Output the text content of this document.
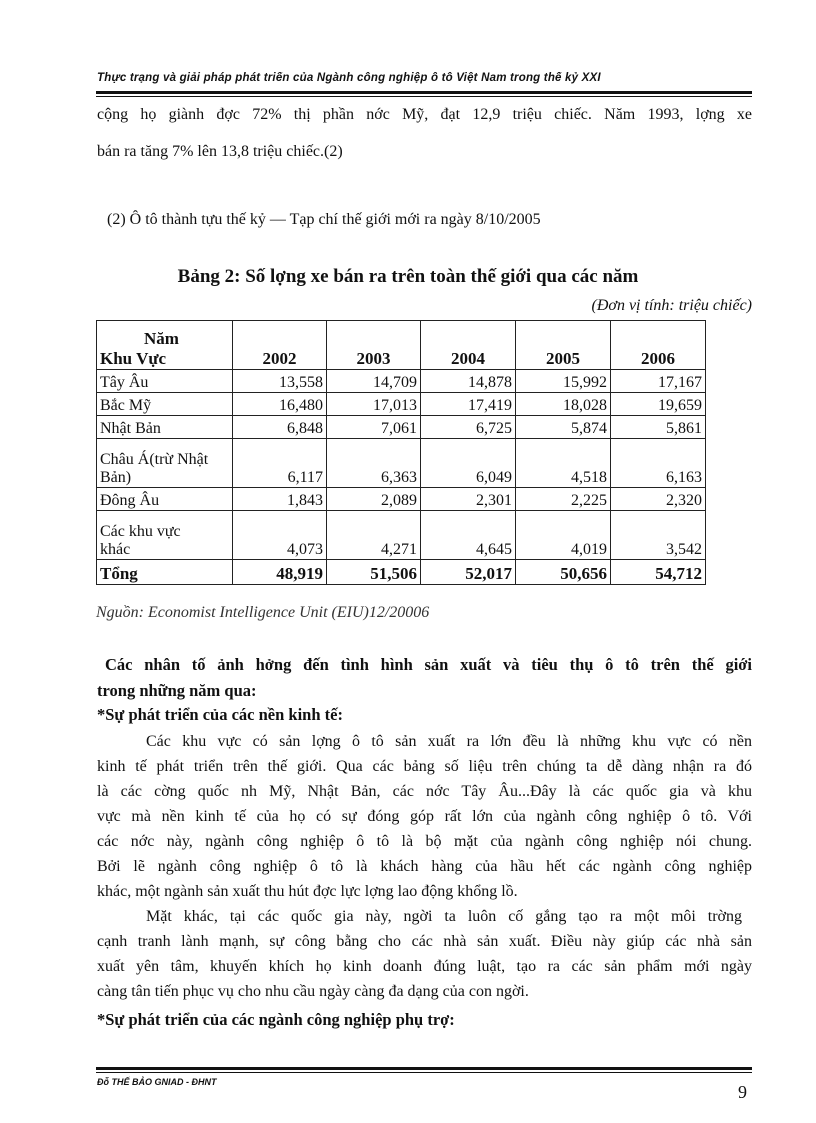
Thực trạng và giải pháp phát triển của Ngành công nghiệp ô tô Việt Nam trong thế kỷ XXI
cộng họ giành đợc 72% thị phần nớc Mỹ, đạt 12,9 triệu chiếc. Năm 1993, lợng xe
bán ra tăng 7% lên 13,8 triệu chiếc.(2)
(2) Ô tô thành tựu thế kỷ — Tạp chí thế giới mới ra ngày 8/10/2005
Bảng 2: Số lợng xe bán ra trên toàn thế giới qua các năm
(Đơn vị tính: triệu chiếc)
Năm
Khu Vực	2002	2003	2004	2005	2006
Tây Âu	13,558	14,709	14,878	15,992	17,167
Bắc Mỹ	16,480	17,013	17,419	18,028	19,659
Nhật Bản	6,848	7,061	6,725	5,874	5,861

Châu Á(trừ Nhật
Bản)	6,117	6,363	6,049	4,518	6,163
Đông Âu	1,843	2,089	2,301	2,225	2,320

Các khu vực
khác	4,073	4,271	4,645	4,019	3,542
Tổng	48,919	51,506	52,017	50,656	54,712
Nguồn: Economist Intelligence Unit (EIU)12/20006
Các nhân tố ảnh hởng đến tình hình sản xuất và tiêu thụ ô tô trên thế giới
trong những năm qua:
*Sự phát triển của các nền kinh tế:
Các khu vực có sản lợng ô tô sản xuất ra lớn đều là những khu vực có nền
kinh tế phát triển trên thế giới. Qua các bảng số liệu trên chúng ta dễ dàng nhận ra đó
là các cờng quốc nh Mỹ, Nhật Bản, các nớc Tây Âu...Đây là các quốc gia và khu
vực mà nền kinh tế của họ có sự đóng góp rất lớn của ngành công nghiệp ô tô. Với
các nớc này, ngành công nghiệp ô tô là bộ mặt của ngành công nghiệp nói chung.
Bởi lẽ ngành công nghiệp ô tô là khách hàng của hầu hết các ngành công nghiệp
khác, một ngành sản xuất thu hút đợc lực lợng lao động khổng lồ.
Mặt khác, tại các quốc gia này, ngời ta luôn cố gắng tạo ra một môi trờng
cạnh tranh lành mạnh, sự công bằng cho các nhà sản xuất. Điều này giúp các nhà sản
xuất yên tâm, khuyến khích họ kinh doanh đúng luật, tạo ra các sản phẩm mới ngày
càng tân tiến phục vụ cho nhu cầu ngày càng đa dạng của con ngời.
*Sự phát triển của các ngành công nghiệp phụ trợ:
Đỗ THẾ BẢO GNIAD - ĐHNT	9
